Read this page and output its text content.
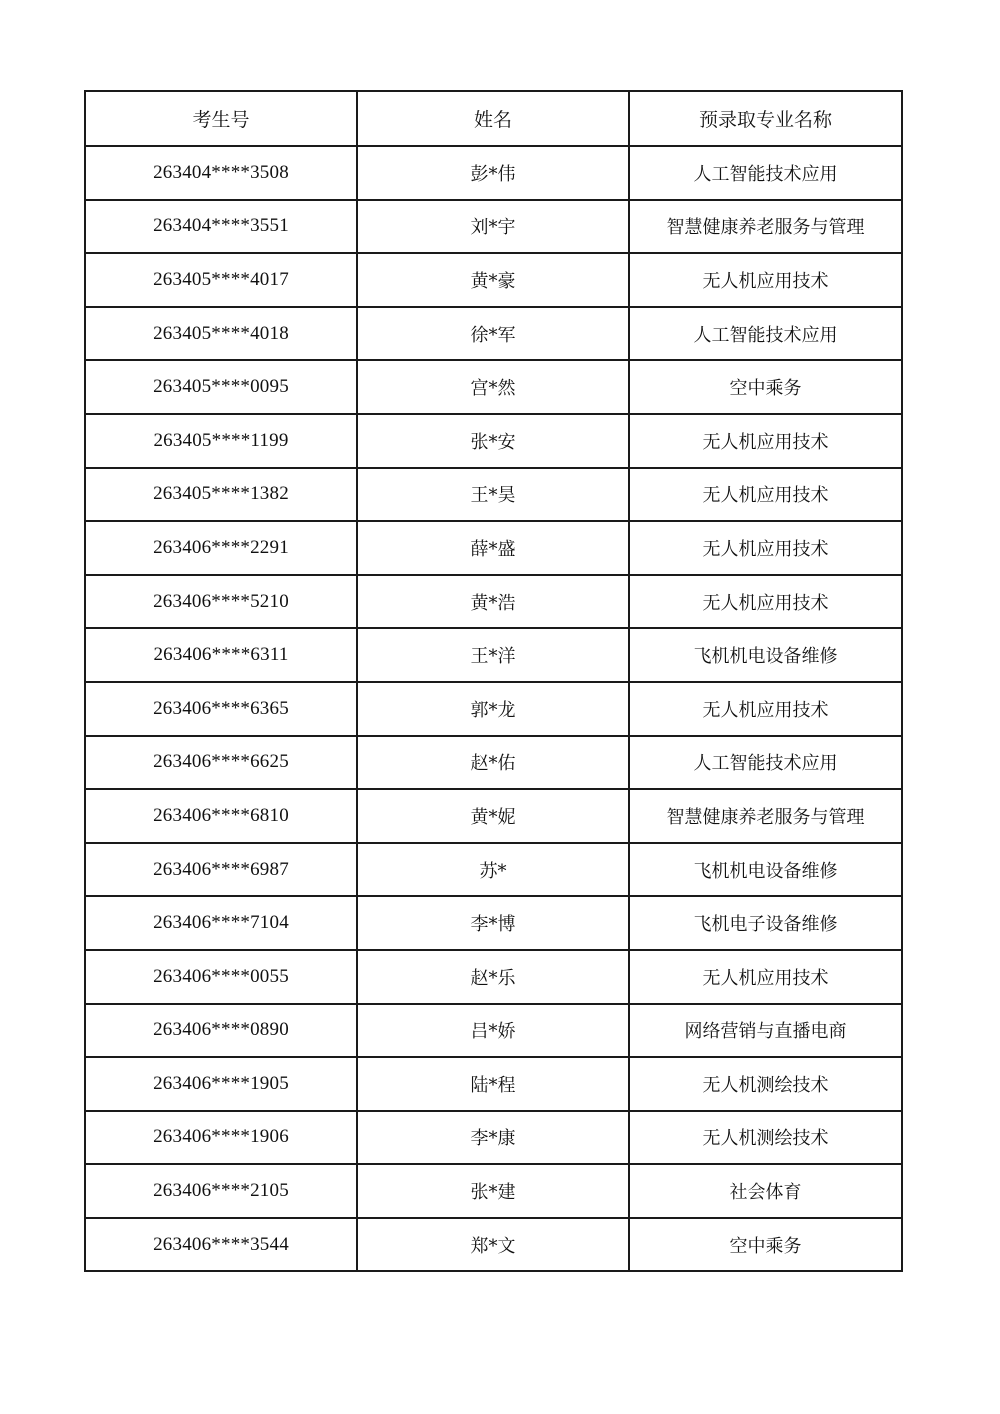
考生号	姓名	预录取专业名称
263404****3508	彭*伟	人工智能技术应用
263404****3551	刘*宇	智慧健康养老服务与管理
263405****4017	黄*豪	无人机应用技术
263405****4018	徐*军	人工智能技术应用
263405****0095	宫*然	空中乘务
263405****1199	张*安	无人机应用技术
263405****1382	王*昊	无人机应用技术
263406****2291	薛*盛	无人机应用技术
263406****5210	黄*浩	无人机应用技术
263406****6311	王*洋	飞机机电设备维修
263406****6365	郭*龙	无人机应用技术
263406****6625	赵*佑	人工智能技术应用
263406****6810	黄*妮	智慧健康养老服务与管理
263406****6987	苏*	飞机机电设备维修
263406****7104	李*博	飞机电子设备维修
263406****0055	赵*乐	无人机应用技术
263406****0890	吕*娇	网络营销与直播电商
263406****1905	陆*程	无人机测绘技术
263406****1906	李*康	无人机测绘技术
263406****2105	张*建	社会体育
263406****3544	郑*文	空中乘务
